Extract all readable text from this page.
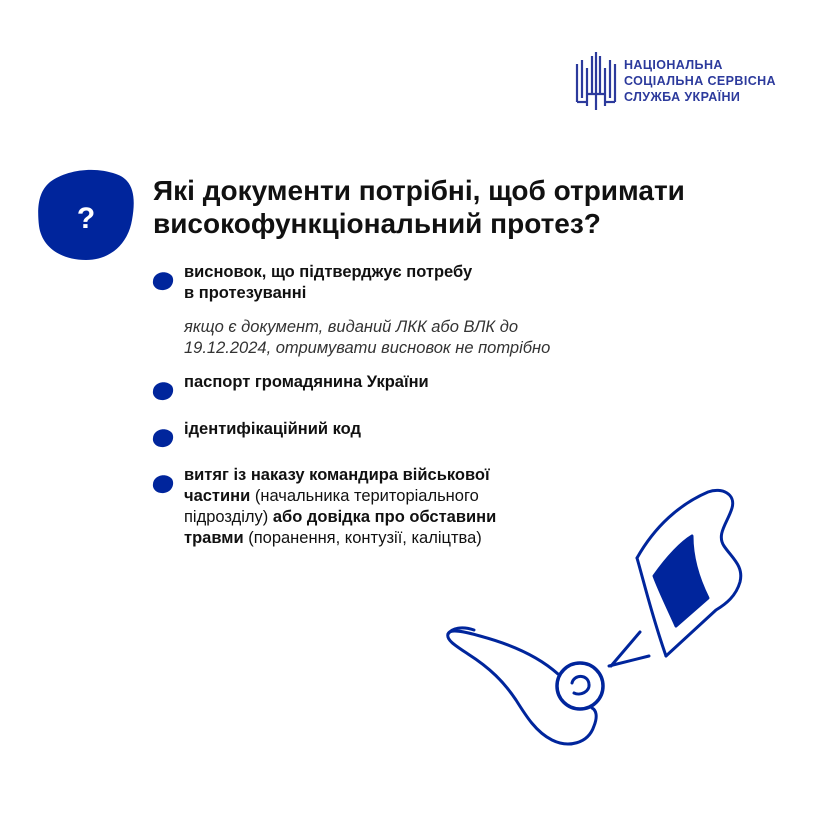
НАЦІОНАЛЬНА
СОЦІАЛЬНА СЕРВІСНА
СЛУЖБА УКРАЇНИ
?
Які документи потрібні, щоб отримати
високофункціональний протез?
висновок, що підтверджує потребу
в протезуванні
якщо є документ, виданий ЛКК або ВЛК до
19.12.2024, отримувати висновок не потрібно
паспорт громадянина України
ідентифікаційний код
витяг із наказу командира військової
частини (начальника територіального
підрозділу) або довідка про обставини
травми (поранення, контузії, каліцтва)
